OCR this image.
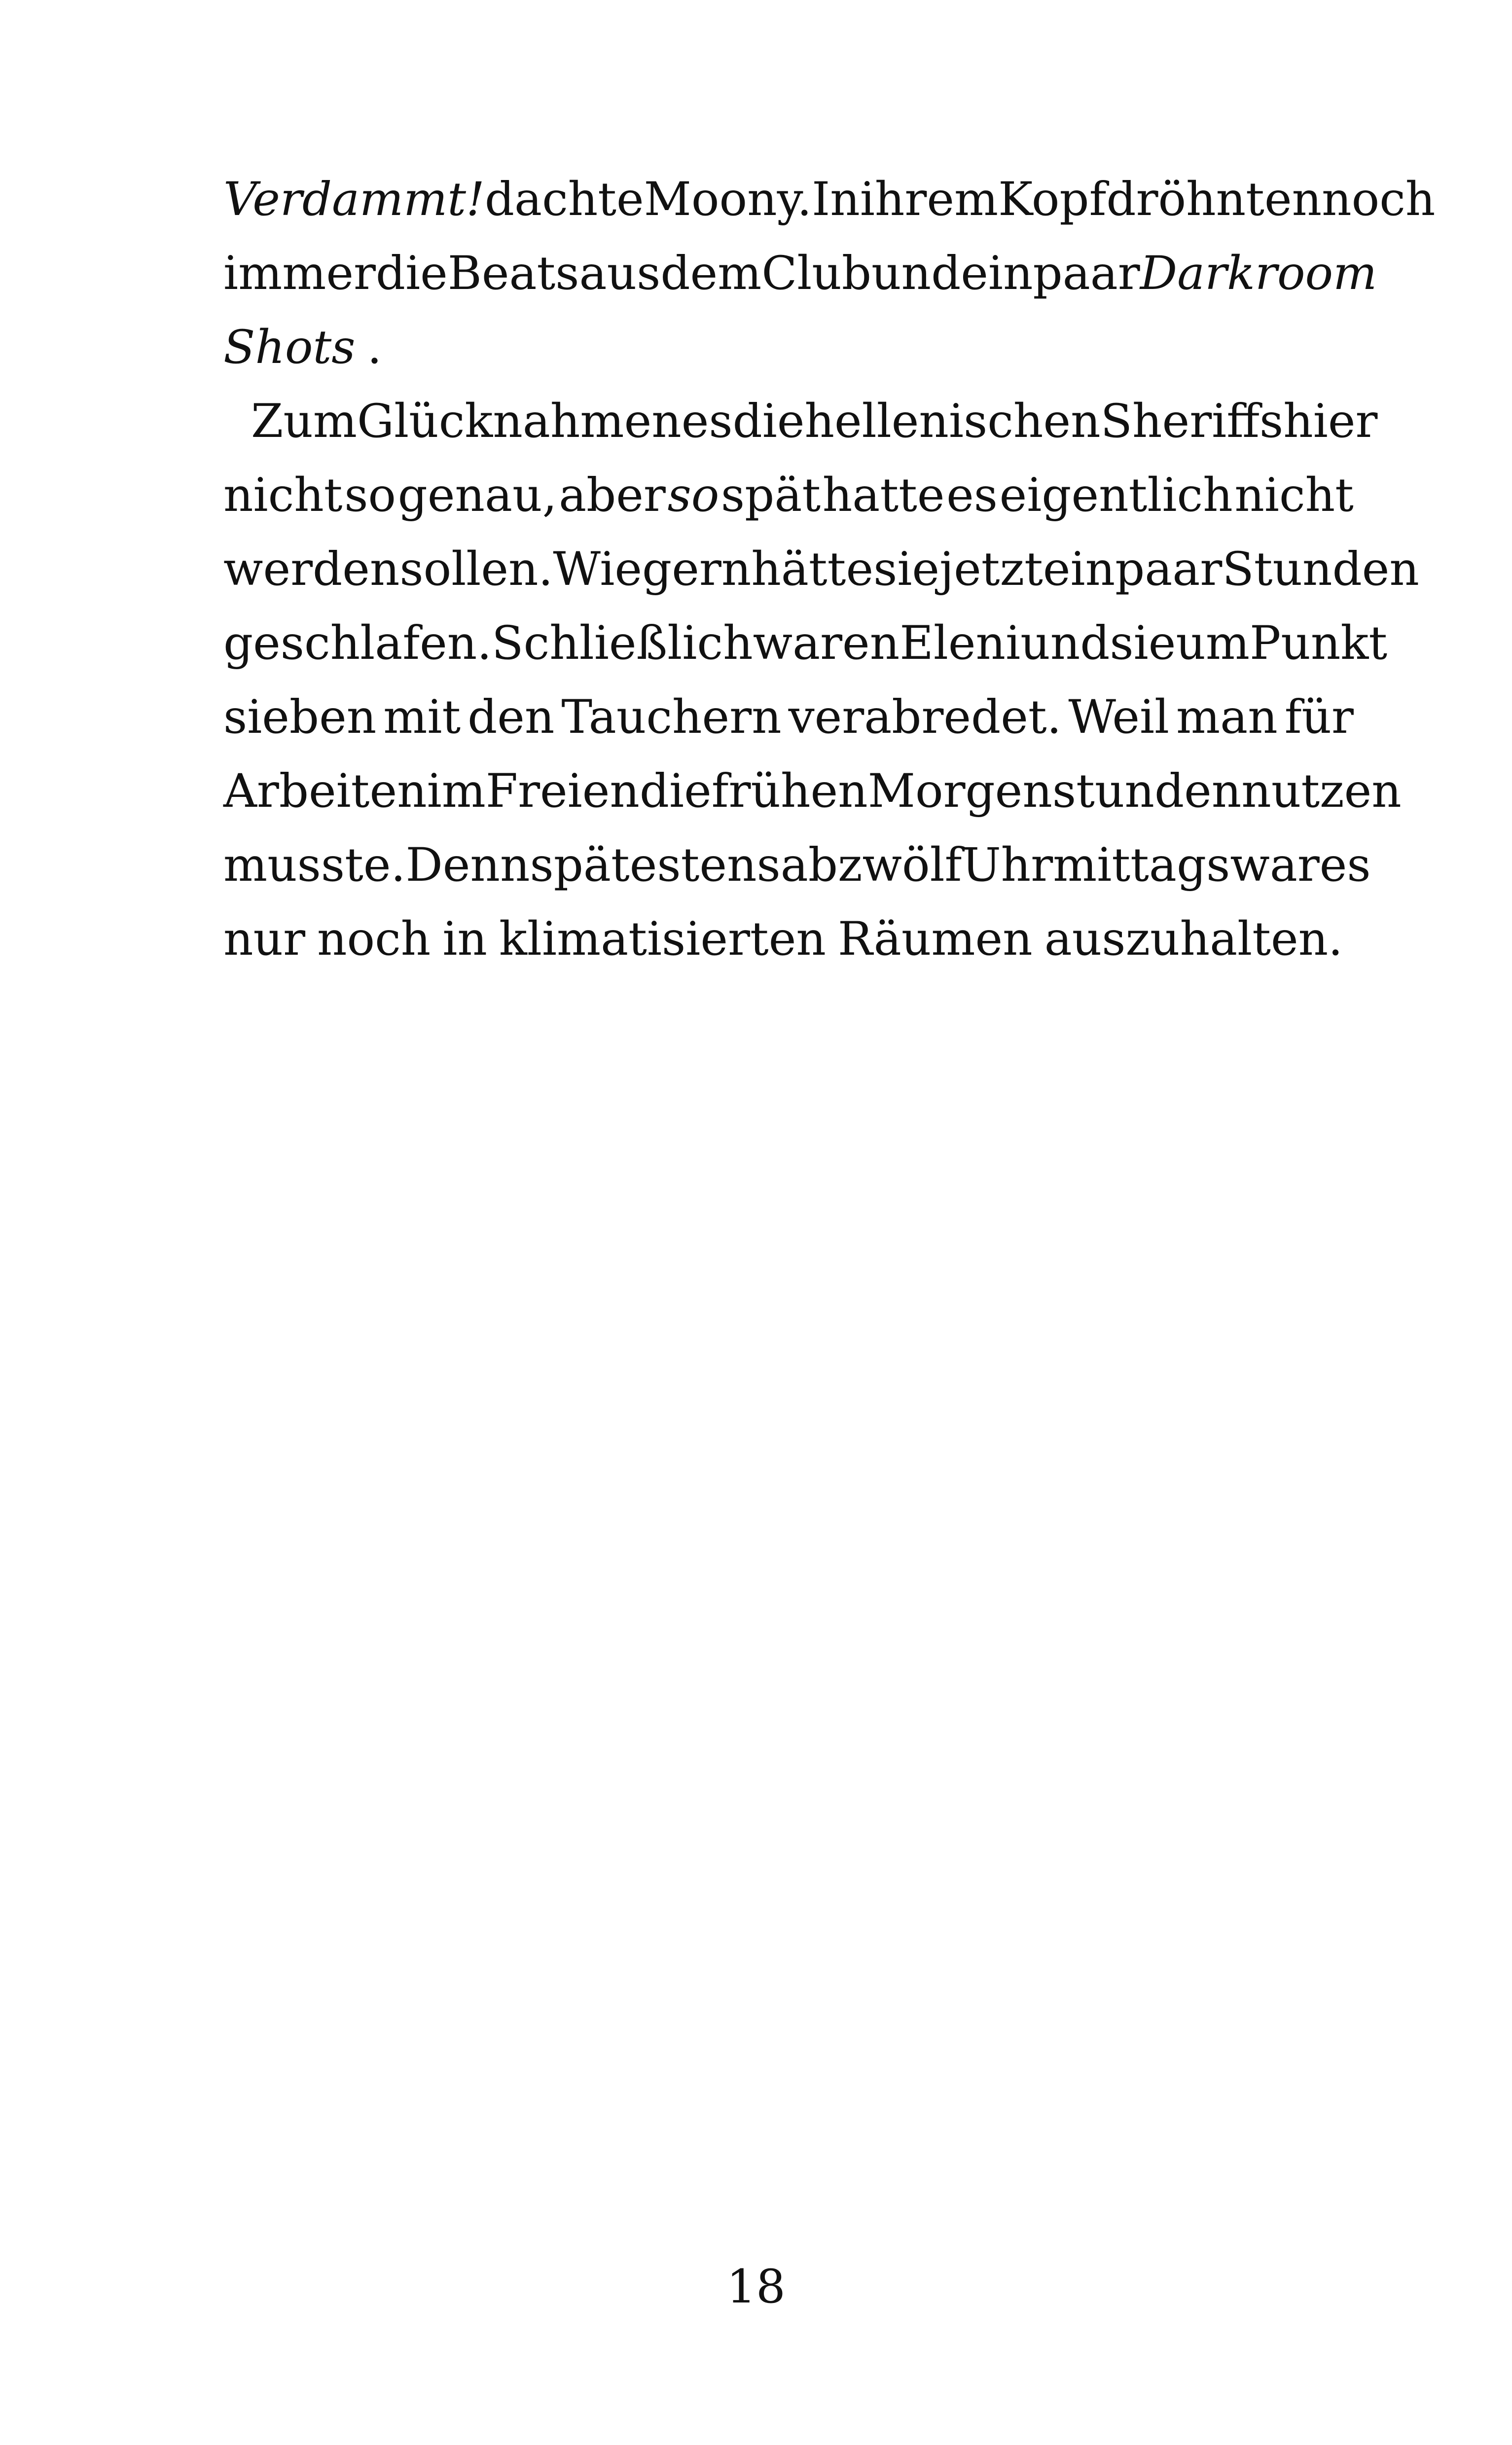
Verdammt! dachte Moony. In ihrem Kopf dröhnten noch
immer die Beats aus dem Club und ein paar Darkroom
Shots .
Zum Glück nahmen es die hellenischen Sheriffs hier
nicht so genau, aber so spät hatte es eigentlich nicht
werden sollen. Wie gern hätte sie jetzt ein paar Stunden
geschlafen. Schließlich waren Eleni und sie um Punkt
sieben mit den Tauchern verabredet. Weil man für
Arbeiten im Freien die frühen Morgenstunden nutzen
musste. Denn spätestens ab zwölf Uhr mittags war es
nur noch in klimatisierten Räumen auszuhalten.
18
